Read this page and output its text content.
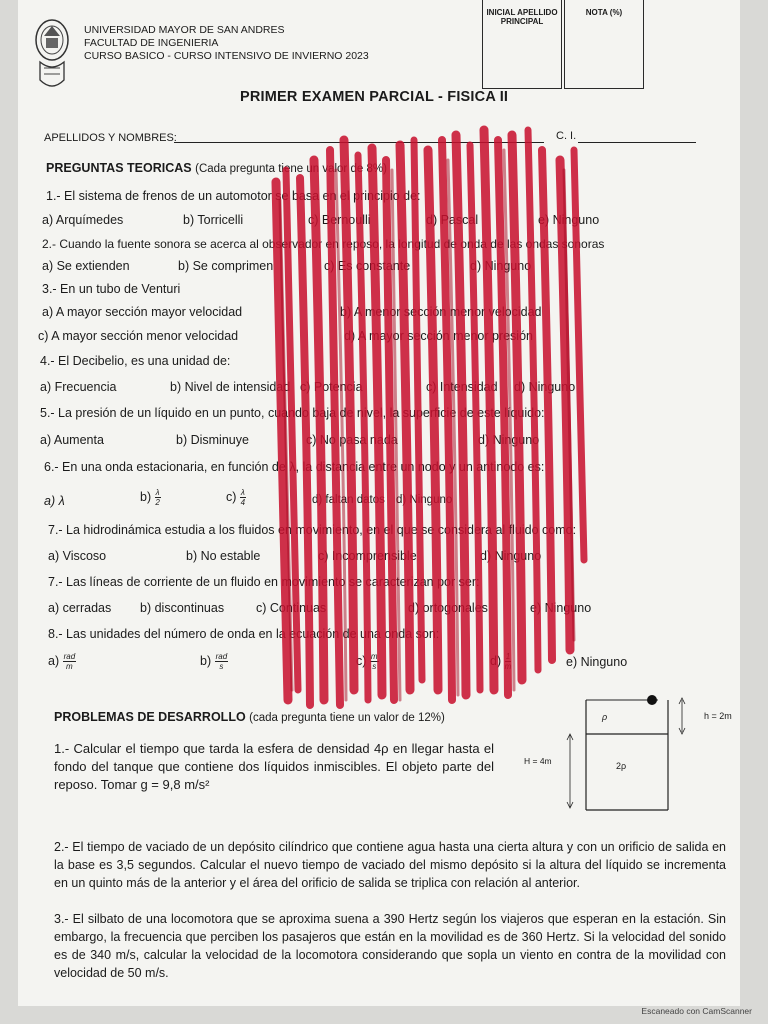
UNIVERSIDAD MAYOR DE SAN ANDRES
FACULTAD DE INGENIERIA
CURSO BASICO - CURSO INTENSIVO DE INVIERNO 2023
INICIAL APELLIDO
PRINCIPAL
NOTA (%)
PRIMER EXAMEN PARCIAL - FISICA II
APELLIDOS Y NOMBRES:	C. I.
PREGUNTAS TEORICAS (Cada pregunta tiene un valor de 8%)
1.- El sistema de frenos de un automotor se basa en el principio de:
a) Arquímedes	b) Torricelli	c) Bernoulli	d) Pascal	e) Ninguno
2.- Cuando la fuente sonora se acerca al observador en reposo, la longitud de onda de las ondas sonoras
a) Se extienden	b) Se comprimen	c) Es constante	d) Ninguno
3.- En un tubo de Venturi
a) A mayor sección mayor velocidad	b) A menor sección menor velocidad
c) A mayor sección menor velocidad	d) A mayor sección menor presión
4.- El Decibelio, es una unidad de:
a) Frecuencia	b) Nivel de intensidad c) Potencia	c) Intensidad d) Ninguno
5.- La presión de un líquido en un punto, cuando baja de nivel, la superficie de este líquido:
a) Aumenta	b) Disminuye	c) No pasa nada	d) Ninguno
6.- En una onda estacionaria, en función de λ, la distancia entre un nodo y un antinodo es:
a) λ	$b) \frac{\lambda}{2}$	$c) \frac{\lambda}{4}$	d) faltan datos d) Ninguno
7.- La hidrodinámica estudia a los fluidos en movimiento, en el que se considera al fluido como:
a) Viscoso	b) No estable	c) Incomprensible	d) Ninguno
7.- Las líneas de corriente de un fluido en movimiento se caracterizan por ser:
a) cerradas b) discontinuas	c) Continuas	d) ortogonales	e) Ninguno
8.- Las unidades del número de onda en la ecuación de una onda son:
$a) \frac{\text{rad}}{m}$	$b) \frac{\text{rad}}{s}$	$c) \frac{m}{s}$	$d) \frac{1}{m}$	e) Ninguno
PROBLEMAS DE DESARROLLO (cada pregunta tiene un valor de 12%)
1.- Calcular el tiempo que tarda la esfera de densidad 4ρ en llegar hasta el fondo del tanque que contiene dos líquidos inmiscibles. El objeto parte del reposo. Tomar g = 9,8 m/s²
ρ
2ρ
h = 2m
H = 4m
2.- El tiempo de vaciado de un depósito cilíndrico que contiene agua hasta una cierta altura y con un orificio de salida en la base es 3,5 segundos. Calcular el nuevo tiempo de vaciado del mismo depósito si la altura del líquido se incrementa en un quinto más de la anterior y el área del orificio de salida se triplica con relación al anterior.
3.- El silbato de una locomotora que se aproxima suena a 390 Hertz según los viajeros que esperan en la estación. Sin embargo, la frecuencia que perciben los pasajeros que están en la movilidad es de 360 Hertz. Si la velocidad del sonido es de 340 m/s, calcular la velocidad de la locomotora considerando que sopla un viento en contra de la movilidad con velocidad de 50 m/s.
Escaneado con CamScanner
